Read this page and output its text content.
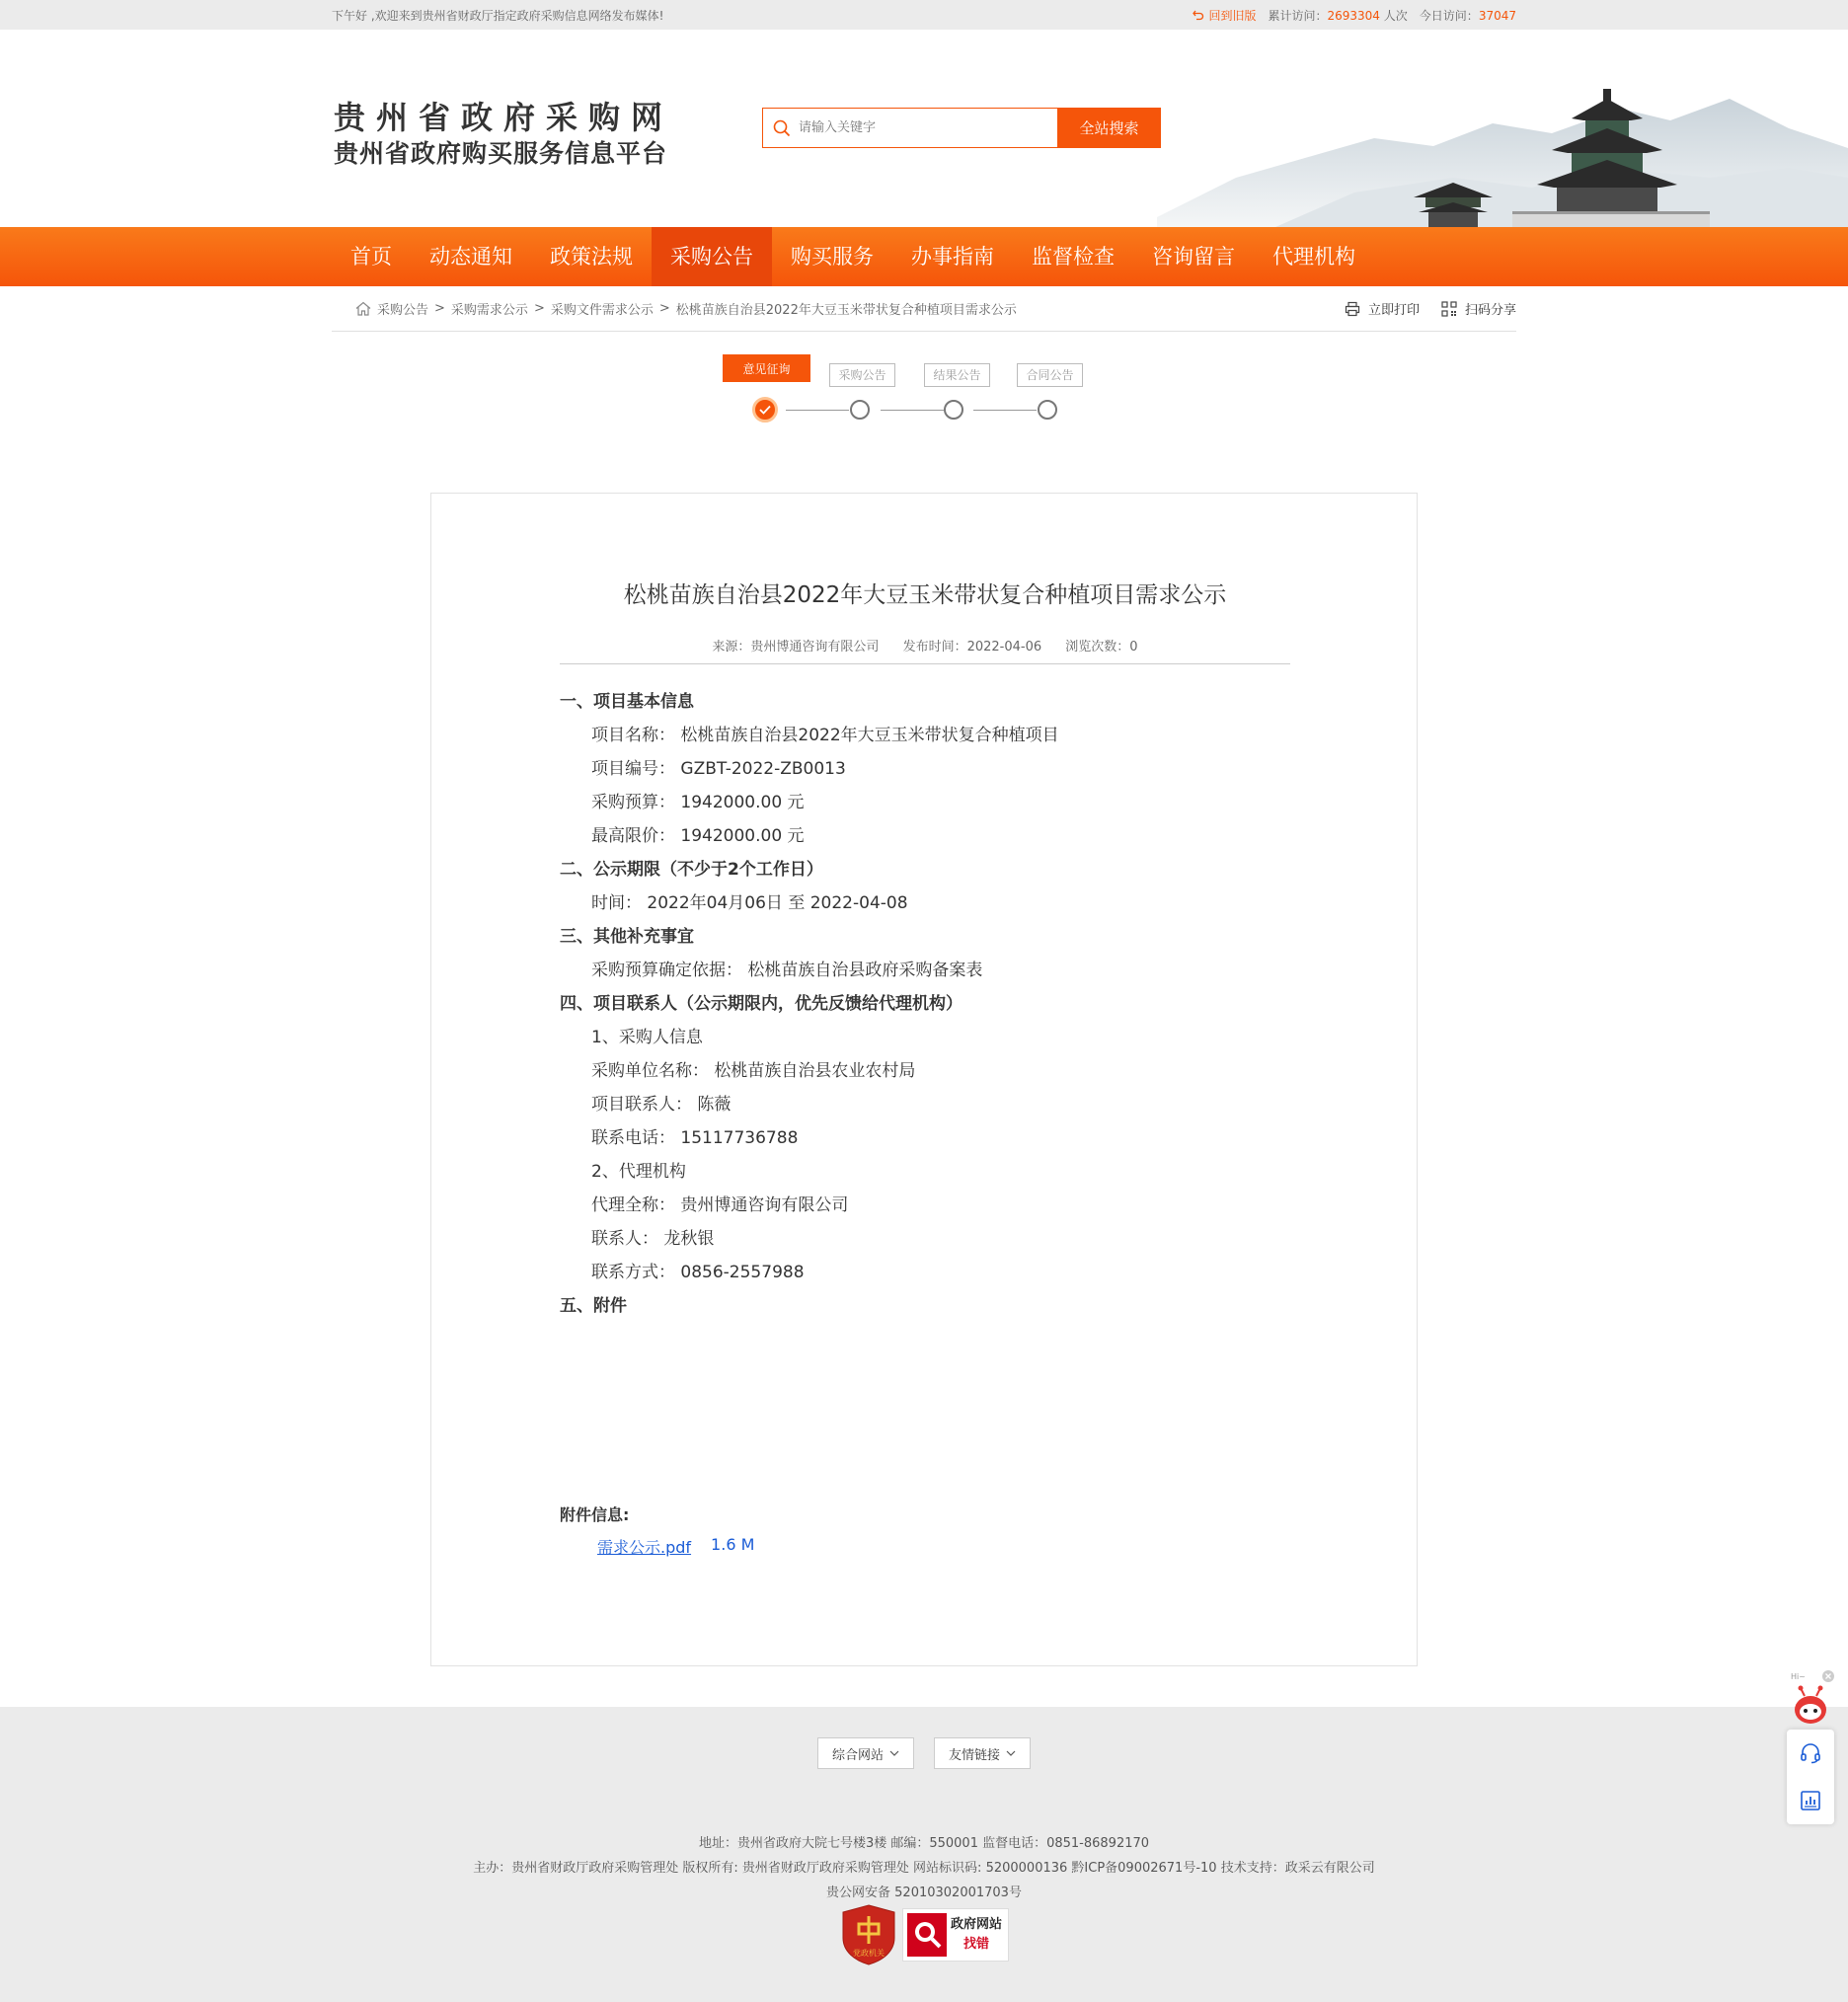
下午好 ,欢迎来到贵州省财政厅指定政府采购信息网络发布媒体!	回到旧版 累计访问：2693304 人次 今日访问：37047
贵州省政府采购网
贵州省政府购买服务信息平台
请输入关键字
全站搜索
首页	动态通知	政策法规	采购公告	购买服务	办事指南	监督检查	咨询留言	代理机构
采购公告 > 采购需求公示 > 采购文件需求公示 > 松桃苗族自治县2022年大豆玉米带状复合种植项目需求公示	立即打印	扫码分享
意见征询	采购公告	结果公告	合同公告
松桃苗族自治县2022年大豆玉米带状复合种植项目需求公示
来源：贵州博通咨询有限公司 发布时间：2022-04-06 浏览次数：0
一、项目基本信息
项目名称： 松桃苗族自治县2022年大豆玉米带状复合种植项目
项目编号： GZBT-2022-ZB0013
采购预算： 1942000.00 元
最高限价： 1942000.00 元
二、公示期限（不少于2个工作日）
时间： 2022年04月06日 至 2022-04-08
三、其他补充事宜
采购预算确定依据： 松桃苗族自治县政府采购备案表
四、项目联系人（公示期限内，优先反馈给代理机构）
1、采购人信息
采购单位名称： 松桃苗族自治县农业农村局
项目联系人： 陈薇
联系电话： 15117736788
2、代理机构
代理全称： 贵州博通咨询有限公司
联系人： 龙秋银
联系方式： 0856-2557988
五、附件
附件信息:
需求公示.pdf 1.6 M
综合网站	友情链接
地址：贵州省政府大院七号楼3楼 邮编：550001 监督电话：0851-86892170
主办：贵州省财政厅政府采购管理处 版权所有: 贵州省财政厅政府采购管理处 网站标识码: 5200000136 黔ICP备09002671号-10 技术支持：政采云有限公司
贵公网安备 52010302001703号
党政机关
政府网站
找错
Hi~
